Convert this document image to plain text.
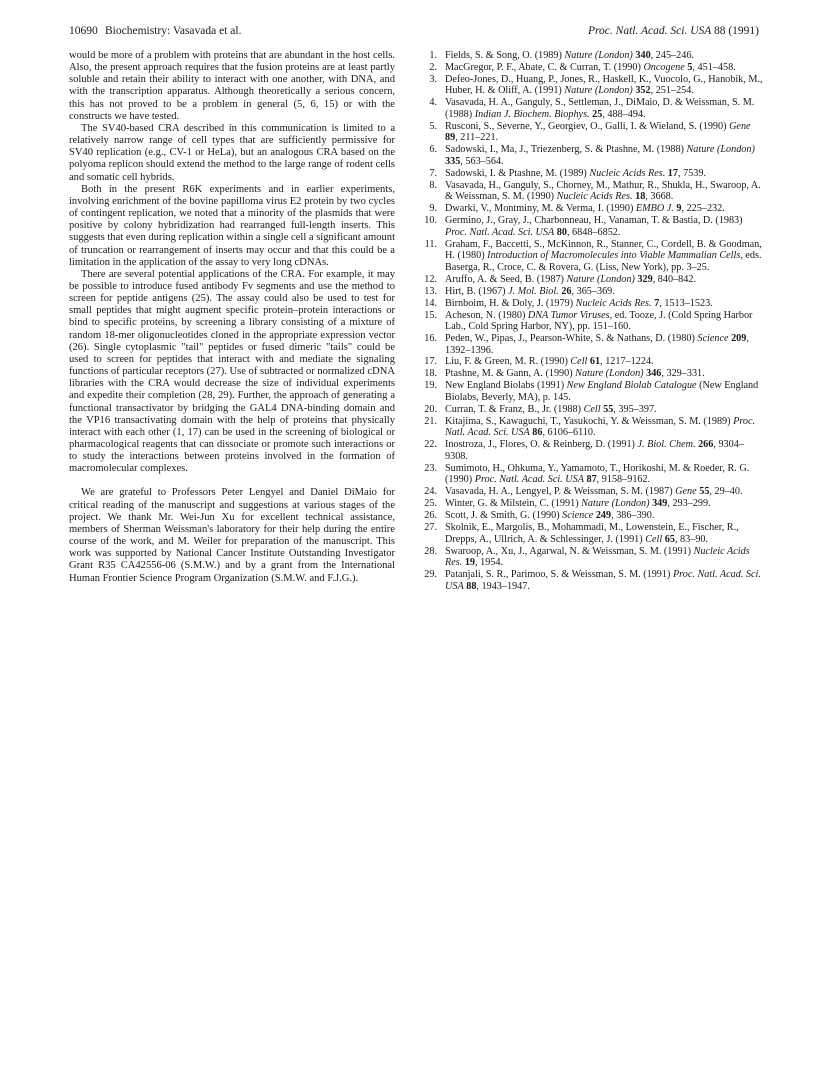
10690 Biochemistry: Vasavada et al.	Proc. Natl. Acad. Sci. USA 88 (1991)

would be more of a problem with proteins that are abundant in the host cells. Also, the present approach requires that the fusion proteins are at least partly soluble and retain their ability to interact with one another, with DNA, and with the transcription apparatus. Although theoretically a serious concern, this has not proved to be a problem in general (5, 6, 15) or with the constructs we have tested.

The SV40-based CRA described in this communication is limited to a relatively narrow range of cell types that are sufficiently permissive for SV40 replication (e.g., CV-1 or HeLa), but an analogous CRA based on the polyoma replicon should extend the method to the large range of rodent cells and somatic cell hybrids.

Both in the present R6K experiments and in earlier experiments, involving enrichment of the bovine papilloma virus E2 protein by two cycles of contingent replication, we noted that a minority of the plasmids that were positive by colony hybridization had rearranged full-length inserts. This suggests that even during replication within a single cell a significant amount of truncation or rearrangement of inserts may occur and that this could be a limitation in the application of the assay to very long cDNAs.

There are several potential applications of the CRA. For example, it may be possible to introduce fused antibody Fv segments and use the method to screen for peptide antigens (25). The assay could also be used to test for small peptides that might augment specific protein–protein interactions or bind to specific proteins, by screening a library consisting of a mixture of random 18-mer oligonucleotides cloned in the appropriate expression vector (26). Single cytoplasmic "tail" peptides or fused dimeric "tails" could be used to screen for peptides that interact with and mediate the signaling functions of particular receptors (27). Use of subtracted or normalized cDNA libraries with the CRA would decrease the size of individual experiments and expedite their completion (28, 29). Further, the approach of generating a functional transactivator by bridging the GAL4 DNA-binding domain and the VP16 transactivating domain with the help of proteins that physically interact with each other (1, 17) can be used in the screening of biological or pharmacological reagents that can dissociate or promote such interactions or to study the interactions between proteins involved in the formation of macromolecular complexes.

We are grateful to Professors Peter Lengyel and Daniel DiMaio for critical reading of the manuscript and suggestions at various stages of the project. We thank Mr. Wei-Jun Xu for excellent technical assistance, members of Sherman Weissman's laboratory for their help during the entire course of the work, and M. Weiler for preparation of the manuscript. This work was supported by National Cancer Institute Outstanding Investigator Grant R35 CA42556-06 (S.M.W.) and by a grant from the International Human Frontier Science Program Organization (S.M.W. and F.J.G.).

1. Fields, S. & Song, O. (1989) Nature (London) 340, 245–246.
2. MacGregor, P. F., Abate, C. & Curran, T. (1990) Oncogene 5, 451–458.
3. Defeo-Jones, D., Huang, P., Jones, R., Haskell, K., Vuocolo, G., Hanobik, M., Huber, H. & Oliff, A. (1991) Nature (London) 352, 251–254.
4. Vasavada, H. A., Ganguly, S., Settleman, J., DiMaio, D. & Weissman, S. M. (1988) Indian J. Biochem. Biophys. 25, 488–494.
5. Rusconi, S., Severne, Y., Georgiev, O., Galli, I. & Wieland, S. (1990) Gene 89, 211–221.
6. Sadowski, I., Ma, J., Triezenberg, S. & Ptashne, M. (1988) Nature (London) 335, 563–564.
7. Sadowski, I. & Ptashne, M. (1989) Nucleic Acids Res. 17, 7539.
8. Vasavada, H., Ganguly, S., Chorney, M., Mathur, R., Shukla, H., Swaroop, A. & Weissman, S. M. (1990) Nucleic Acids Res. 18, 3668.
9. Dwarki, V., Montminy, M. & Verma, I. (1990) EMBO J. 9, 225–232.
10. Germino, J., Gray, J., Charbonneau, H., Vanaman, T. & Bastia, D. (1983) Proc. Natl. Acad. Sci. USA 80, 6848–6852.
11. Graham, F., Baccetti, S., McKinnon, R., Stanner, C., Cordell, B. & Goodman, H. (1980) Introduction of Macromolecules into Viable Mammalian Cells, eds. Baserga, R., Croce, C. & Rovera, G. (Liss, New York), pp. 3–25.
12. Aruffo, A. & Seed, B. (1987) Nature (London) 329, 840–842.
13. Hirt, B. (1967) J. Mol. Biol. 26, 365–369.
14. Birnboim, H. & Doly, J. (1979) Nucleic Acids Res. 7, 1513–1523.
15. Acheson, N. (1980) DNA Tumor Viruses, ed. Tooze, J. (Cold Spring Harbor Lab., Cold Spring Harbor, NY), pp. 151–160.
16. Peden, W., Pipas, J., Pearson-White, S. & Nathans, D. (1980) Science 209, 1392–1396.
17. Liu, F. & Green, M. R. (1990) Cell 61, 1217–1224.
18. Ptashne, M. & Gann, A. (1990) Nature (London) 346, 329–331.
19. New England Biolabs (1991) New England Biolab Catalogue (New England Biolabs, Beverly, MA), p. 145.
20. Curran, T. & Franz, B., Jr. (1988) Cell 55, 395–397.
21. Kitajima, S., Kawaguchi, T., Yasukochi, Y. & Weissman, S. M. (1989) Proc. Natl. Acad. Sci. USA 86, 6106–6110.
22. Inostroza, J., Flores, O. & Reinberg, D. (1991) J. Biol. Chem. 266, 9304–9308.
23. Sumimoto, H., Ohkuma, Y., Yamamoto, T., Horikoshi, M. & Roeder, R. G. (1990) Proc. Natl. Acad. Sci. USA 87, 9158–9162.
24. Vasavada, H. A., Lengyel, P. & Weissman, S. M. (1987) Gene 55, 29–40.
25. Winter, G. & Milstein, C. (1991) Nature (London) 349, 293–299.
26. Scott, J. & Smith, G. (1990) Science 249, 386–390.
27. Skolnik, E., Margolis, B., Mohammadi, M., Lowenstein, E., Fischer, R., Drepps, A., Ullrich, A. & Schlessinger, J. (1991) Cell 65, 83–90.
28. Swaroop, A., Xu, J., Agarwal, N. & Weissman, S. M. (1991) Nucleic Acids Res. 19, 1954.
29. Patanjali, S. R., Parimoo, S. & Weissman, S. M. (1991) Proc. Natl. Acad. Sci. USA 88, 1943–1947.
